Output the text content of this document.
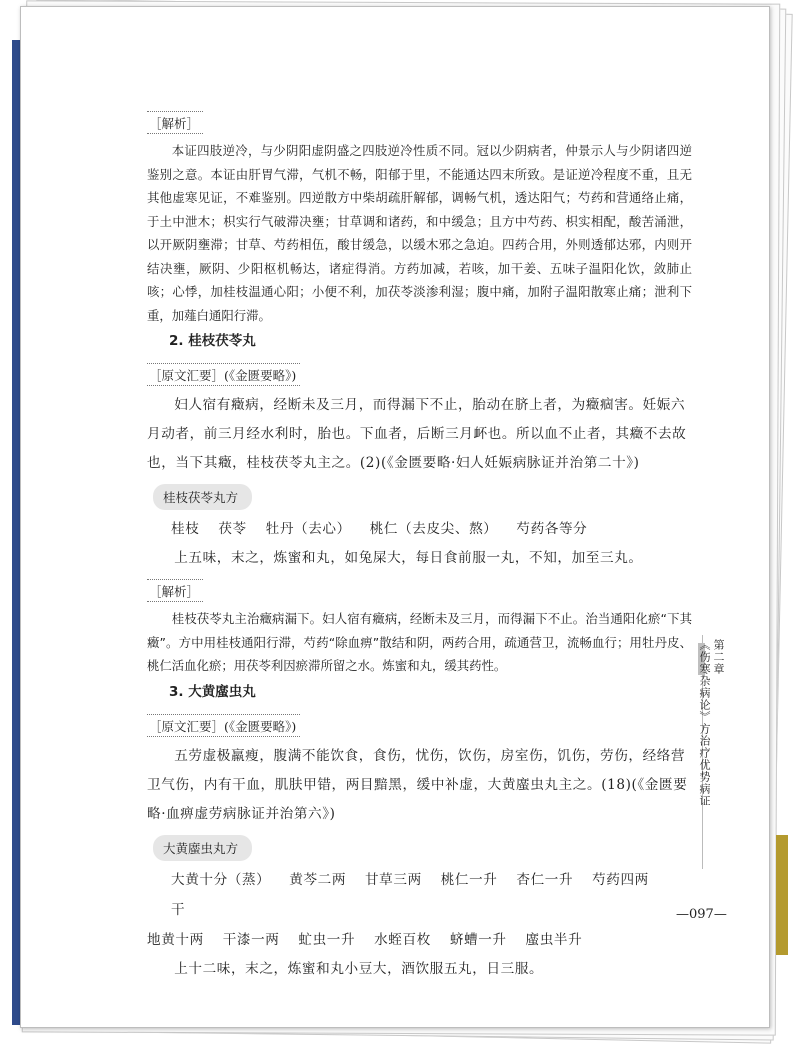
［解析］

本证四肢逆冷，与少阴阳虚阴盛之四肢逆冷性质不同。冠以少阴病者，仲景示人与少阴诸四逆鉴别之意。本证由肝胃气滞，气机不畅，阳郁于里，不能通达四末所致。是证逆冷程度不重，且无其他虚寒见证，不难鉴别。四逆散方中柴胡疏肝解郁，调畅气机，透达阳气；芍药和营通络止痛，于土中泄木；枳实行气破滞决壅；甘草调和诸药，和中缓急；且方中芍药、枳实相配，酸苦涌泄，以开厥阴壅滞；甘草、芍药相伍，酸甘缓急，以缓木邪之急迫。四药合用，外则透郁达邪，内则开结决壅，厥阴、少阳枢机畅达，诸症得消。方药加减，若咳，加干姜、五味子温阳化饮，敛肺止咳；心悸，加桂枝温通心阳；小便不利，加茯苓淡渗利湿；腹中痛，加附子温阳散寒止痛；泄利下重，加薤白通阳行滞。

2. 桂枝茯苓丸
［原文汇要］(《金匮要略》)

妇人宿有癥病，经断未及三月，而得漏下不止，胎动在脐上者，为癥痼害。妊娠六月动者，前三月经水利时，胎也。下血者，后断三月衃也。所以血不止者，其癥不去故也，当下其癥，桂枝茯苓丸主之。(2)(《金匮要略·妇人妊娠病脉证并治第二十》)

桂枝茯苓丸方
桂枝 茯苓 牡丹（去心） 桃仁（去皮尖、熬） 芍药各等分

上五味，末之，炼蜜和丸，如兔屎大，每日食前服一丸，不知，加至三丸。

［解析］

桂枝茯苓丸主治癥病漏下。妇人宿有癥病，经断未及三月，而得漏下不止。治当通阳化瘀“下其癥”。方中用桂枝通阳行滞，芍药“除血痹”散结和阴，两药合用，疏通营卫，流畅血行；用牡丹皮、桃仁活血化瘀；用茯苓利因瘀滞所留之水。炼蜜和丸，缓其药性。

3. 大黄䗪虫丸
［原文汇要］(《金匮要略》)

五劳虚极羸瘦，腹满不能饮食，食伤，忧伤，饮伤，房室伤，饥伤，劳伤，经络营卫气伤，内有干血，肌肤甲错，两目黯黑，缓中补虚，大黄䗪虫丸主之。(18)(《金匮要略·血痹虚劳病脉证并治第六》)

大黄䗪虫丸方
大黄十分（蒸） 黄芩二两 甘草三两 桃仁一升 杏仁一升 芍药四两 干
地黄十两 干漆一两 虻虫一升 水蛭百枚 蛴螬一升 䗪虫半升

上十二味，末之，炼蜜和丸小豆大，酒饮服五丸，日三服。

第二章
《伤寒杂病论》方治疗优势病证
—097—
